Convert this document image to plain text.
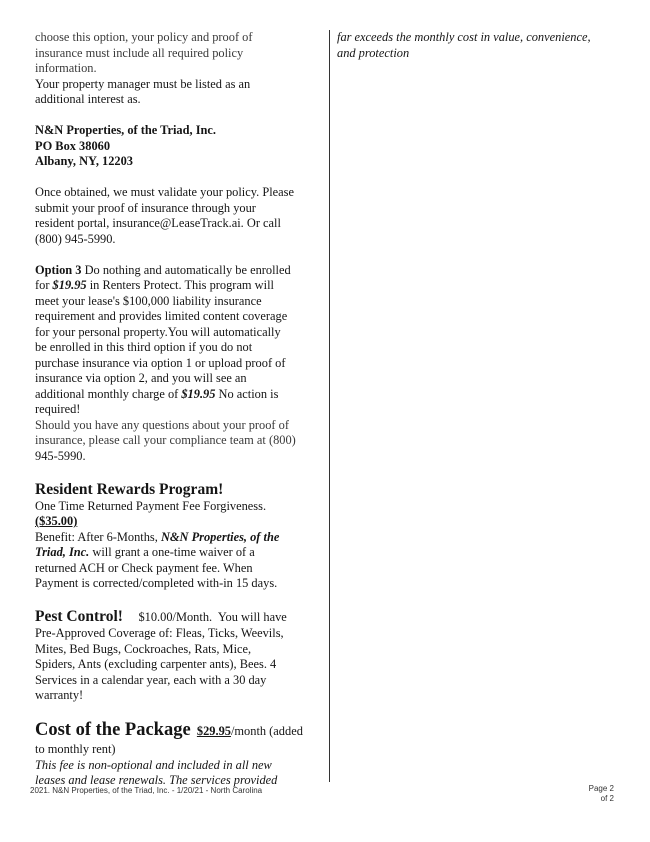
choose this option, your policy and proof of

insurance must include all required policy

information.

Your property manager must be listed as an

additional interest as.

N&N Properties, of the Triad, Inc.

PO Box 38060

Albany, NY, 12203

Once obtained, we must validate your policy. Please

submit your proof of insurance through your

resident portal, insurance@LeaseTrack.ai. Or call

(800) 945-5990.

Option 3 Do nothing and automatically be enrolled

for $19.95 in Renters Protect. This program will

meet your lease's $100,000 liability insurance

requirement and provides limited content coverage

for your personal property.You will automatically

be enrolled in this third option if you do not

purchase insurance via option 1 or upload proof of

insurance via option 2, and you will see an

additional monthly charge of $19.95 No action is

required!

Should you have any questions about your proof of

insurance, please call your compliance team at (800)

945-5990.

Resident Rewards Program!

One Time Returned Payment Fee Forgiveness.

($35.00)

Benefit: After 6-Months, N&N Properties, of the

Triad, Inc. will grant a one-time waiver of a

returned ACH or Check payment fee. When

Payment is corrected/completed with-in 15 days.

Pest Control!     $10.00/Month.  You will have

Pre-Approved Coverage of: Fleas, Ticks, Weevils,

Mites, Bed Bugs, Cockroaches, Rats, Mice,

Spiders, Ants (excluding carpenter ants), Bees. 4

Services in a calendar year, each with a 30 day

warranty!

Cost of the Package $29.95/month (added

to monthly rent)

This fee is non-optional and included in all new

leases and lease renewals. The services provided

far exceeds the monthly cost in value, convenience,

and protection

2021. N&N Properties, of the Triad, Inc. - 1/20/21 - North Carolina	Page 2
of 2
